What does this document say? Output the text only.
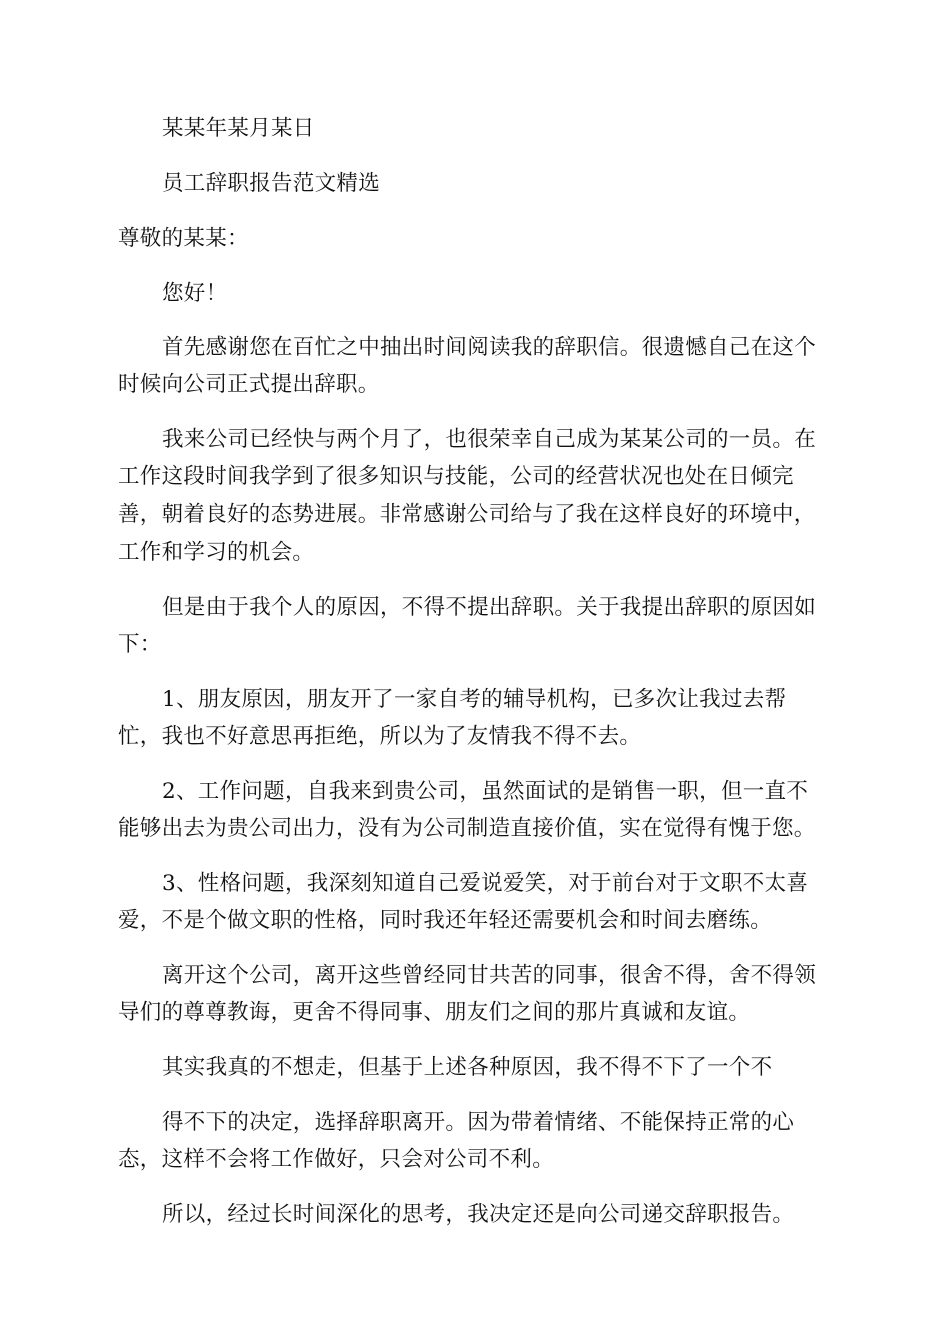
某某年某月某日
员工辞职报告范文精选
尊敬的某某：
您好！
首先感谢您在百忙之中抽出时间阅读我的辞职信。很遗憾自己在这个
时候向公司正式提出辞职。
我来公司已经快与两个月了，也很荣幸自己成为某某公司的一员。在
工作这段时间我学到了很多知识与技能，公司的经营状况也处在日倾完
善，朝着良好的态势进展。非常感谢公司给与了我在这样良好的环境中，
工作和学习的机会。
但是由于我个人的原因，不得不提出辞职。关于我提出辞职的原因如
下：
1、朋友原因，朋友开了一家自考的辅导机构，已多次让我过去帮
忙，我也不好意思再拒绝，所以为了友情我不得不去。
2、工作问题，自我来到贵公司，虽然面试的是销售一职，但一直不
能够出去为贵公司出力，没有为公司制造直接价值，实在觉得有愧于您。
3、性格问题，我深刻知道自己爱说爱笑，对于前台对于文职不太喜
爱，不是个做文职的性格，同时我还年轻还需要机会和时间去磨练。
离开这个公司，离开这些曾经同甘共苦的同事，很舍不得，舍不得领
导们的尊尊教诲，更舍不得同事、朋友们之间的那片真诚和友谊。
其实我真的不想走，但基于上述各种原因，我不得不下了一个不
得不下的决定，选择辞职离开。因为带着情绪、不能保持正常的心
态，这样不会将工作做好，只会对公司不利。
所以，经过长时间深化的思考，我决定还是向公司递交辞职报告。
